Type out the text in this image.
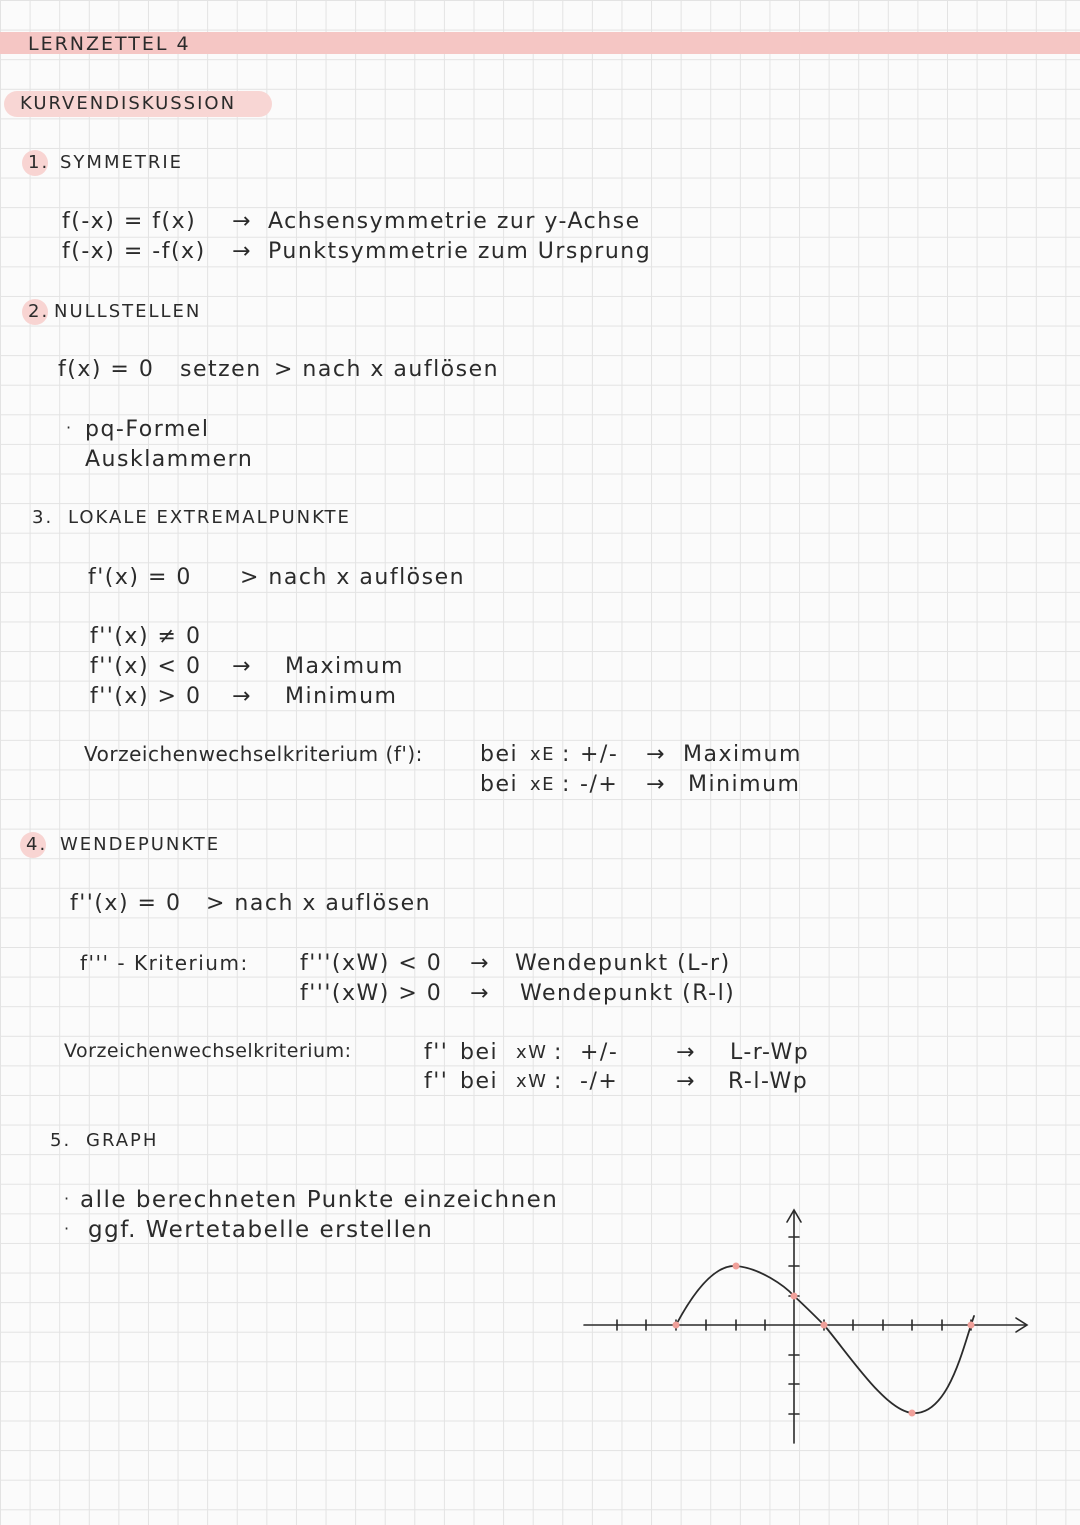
LERNZETTEL 4
KURVENDISKUSSION
1. SYMMETRIE
f(-x) = f(x) → Achsensymmetrie zur y-Achse
f(-x) = -f(x) → Punktsymmetrie zum Ursprung
2. NULLSTELLEN
f(x) = 0 setzen > nach x auflösen
· pq-Formel
Ausklammern
3. LOKALE EXTREMALPUNKTE
f'(x) = 0 > nach x auflösen
f''(x) ≠ 0
f''(x) < 0 → Maximum
f''(x) > 0 → Minimum
Vorzeichenwechselkriterium (f'):	bei xE : +/- → Maximum
bei xE : -/+ → Minimum
4. WENDEPUNKTE
f''(x) = 0 > nach x auflösen
f''' - Kriterium: f'''(xW) < 0 → Wendepunkt (L-r)
f'''(xW) > 0 → Wendepunkt (R-l)
Vorzeichenwechselkriterium:	f'' bei xW : +/-	→ L-r-Wp
f'' bei xW : -/+	→ R-l-Wp
5. GRAPH
· alle berechneten Punkte einzeichnen
· ggf. Wertetabelle erstellen
